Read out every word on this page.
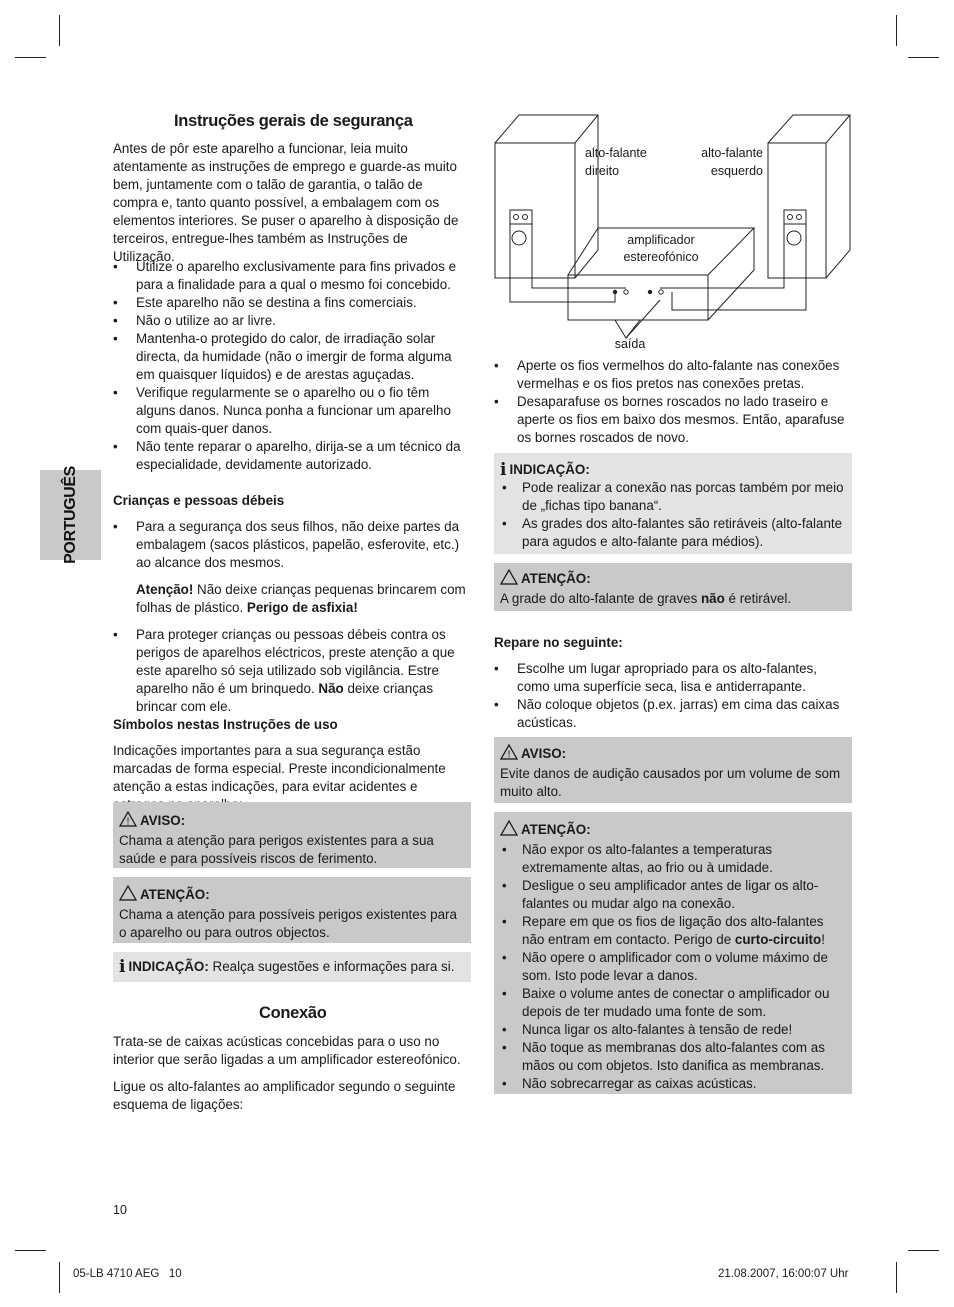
PORTUGUÊS
Instruções gerais de segurança

Antes de pôr este aparelho a funcionar, leia muito atentamente as instruções de emprego e guarde-as muito bem, juntamente com o talão de garantia, o talão de compra e, tanto quanto possível, a embalagem com os elementos interiores. Se puser o aparelho à disposição de terceiros, entregue-lhes também as Instruções de Utilização.

• Utilize o aparelho exclusivamente para fins privados e para a finalidade para a qual o mesmo foi concebido.
• Este aparelho não se destina a fins comerciais.
• Não o utilize ao ar livre.
• Mantenha-o protegido do calor, de irradiação solar directa, da humidade (não o imergir de forma alguma em quaisquer líquidos) e de arestas aguçadas.
• Verifique regularmente se o aparelho ou o fio têm alguns danos. Nunca ponha a funcionar um aparelho com quais-quer danos.
• Não tente reparar o aparelho, dirija-se a um técnico da especialidade, devidamente autorizado.
Crianças e pessoas débeis
• Para a segurança dos seus filhos, não deixe partes da embalagem (sacos plásticos, papelão, esferovite, etc.) ao alcance dos mesmos.

Atenção! Não deixe crianças pequenas brincarem com folhas de plástico. Perigo de asfixia!

• Para proteger crianças ou pessoas débeis contra os perigos de aparelhos eléctricos, preste atenção a que este aparelho só seja utilizado sob vigilância. Estre aparelho não é um brinquedo. Não deixe crianças brincar com ele.
Símbolos nestas Instruções de uso

Indicações importantes para a sua segurança estão marcadas de forma especial. Preste incondicionalmente atenção a estas indicações, para evitar acidentes e

! AVISO:
Chama a atenção para perigos existentes para a sua saúde e para possíveis riscos de ferimento.
ATENÇÃO:
Chama a atenção para possíveis perigos existentes para o aparelho ou para outros objectos.
i INDICAÇÃO: Realça sugestões e informações para si.
Conexão

Trata-se de caixas acústicas concebidas para o uso no interior que serão ligadas a um amplificador estereofónico.

Ligue os alto-falantes ao amplificador segundo o seguinte esquema de ligações:

alto-falante
direito
alto-falante
esquerdo
amplificador
estereofónico
saída
• Aperte os fios vermelhos do alto-falante nas conexões vermelhas e os fios pretos nas conexões pretas.
• Desaparafuse os bornes roscados no lado traseiro e aperte os fios em baixo dos mesmos. Então, aparafuse os bornes roscados de novo.
i INDICAÇÃO:
• Pode realizar a conexão nas porcas também por meio de „fichas tipo banana“.
• As grades dos alto-falantes são retiráveis (alto-falante para agudos e alto-falante para médios).
ATENÇÃO:
A grade do alto-falante de graves não é retirável.
Repare no seguinte:
• Escolhe um lugar apropriado para os alto-falantes, como uma superfície seca, lisa e antiderrapante.
• Não coloque objetos (p.ex. jarras) em cima das caixas acústicas.
! AVISO:
Evite danos de audição causados por um volume de som muito alto.
ATENÇÃO:
• Não expor os alto-falantes a temperaturas extremamente altas, ao frio ou à umidade.
• Desligue o seu amplificador antes de ligar os alto-falantes ou mudar algo na conexão.
• Repare em que os fios de ligação dos alto-falantes não entram em contacto. Perigo de curto-circuito!
• Não opere o amplificador com o volume máximo de som. Isto pode levar a danos.
• Baixe o volume antes de conectar o amplificador ou depois de ter mudado uma fonte de som.
• Nunca ligar os alto-falantes à tensão de rede!
• Não toque as membranas dos alto-falantes com as mãos ou com objetos. Isto danifica as membranas.
• Não sobrecarregar as caixas acústicas.
10
05-LB 4710 AEG   10	21.08.2007, 16:00:07 Uhr
